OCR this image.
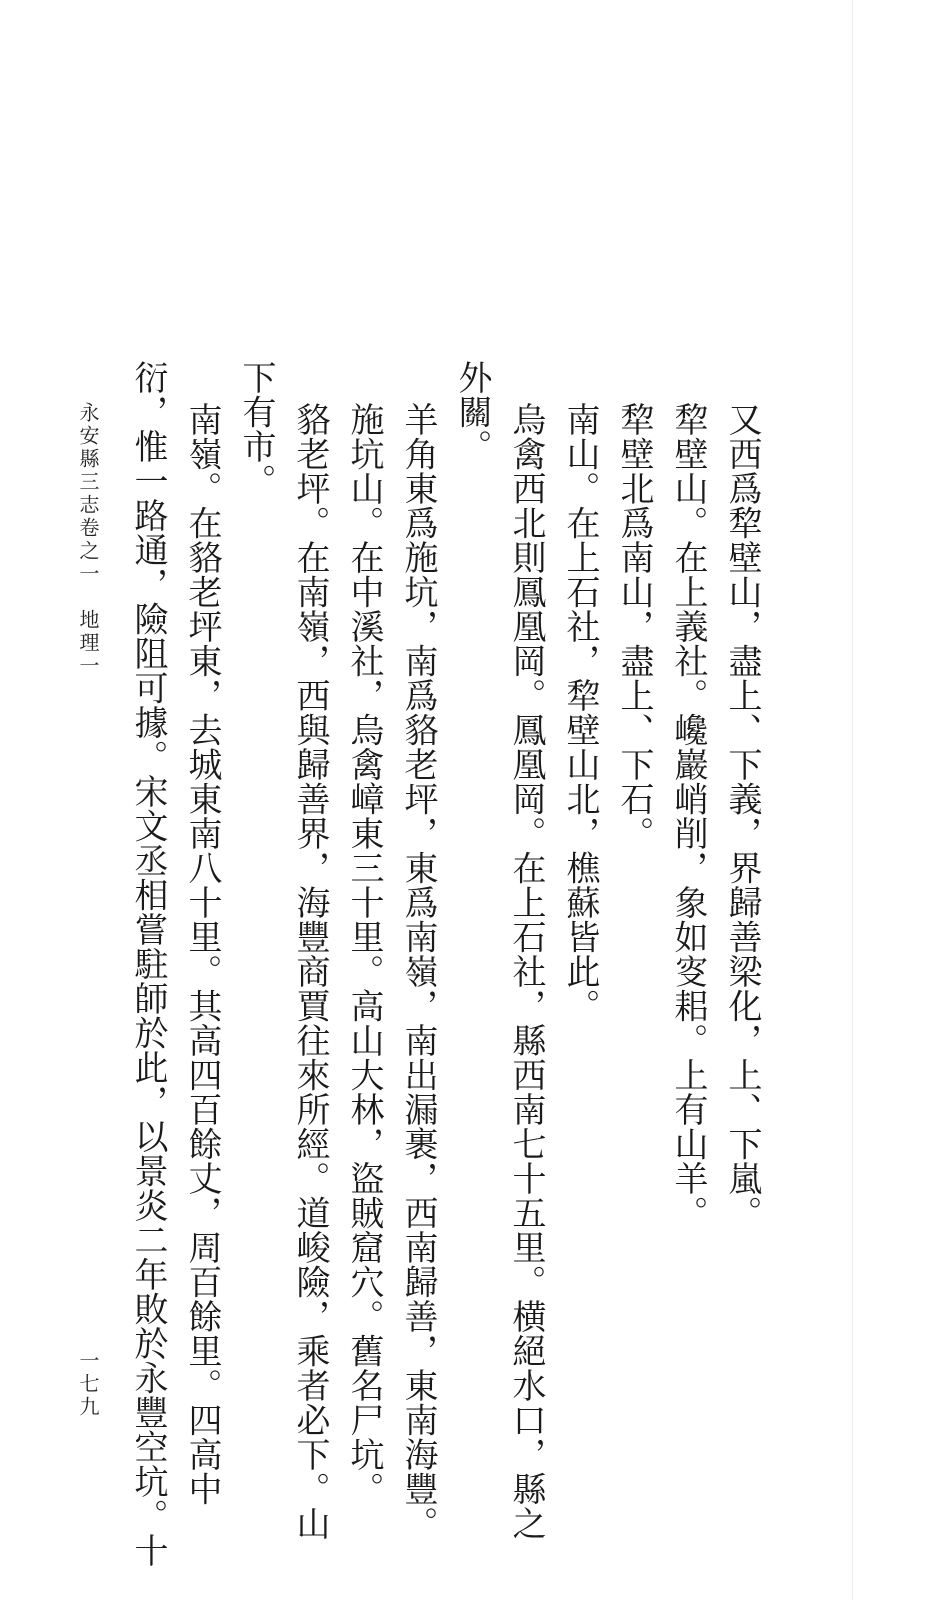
又西爲犂壁山，盡上、下義，界歸善梁化，上、下嵐。
犂壁山。在上義社。巉巖峭削，象如叜耜。上有山羊。
犂壁北爲南山，盡上、下石。
南山。在上石社，犂壁山北，樵蘇皆此。
烏禽西北則鳳凰岡。鳳凰岡。在上石社，縣西南七十五里。横絕水口，縣之
外關。
羊角東爲施坑，南爲貉老坪，東爲南嶺，南出漏裹，西南歸善，東南海豐。
施坑山。在中溪社，烏禽嶂東三十里。高山大林，盜賊窟穴。舊名尸坑。
貉老坪。在南嶺，西與歸善界，海豐商賈往來所經。道峻險，乘者必下。山
下有市。
南嶺。在貉老坪東，去城東南八十里。其高四百餘丈，周百餘里。四高中
衍，惟一路通，險阻可據。宋文丞相嘗駐師於此，以景炎二年敗於永豐空坑。十
永安縣三志卷之一　地理一
一七九
